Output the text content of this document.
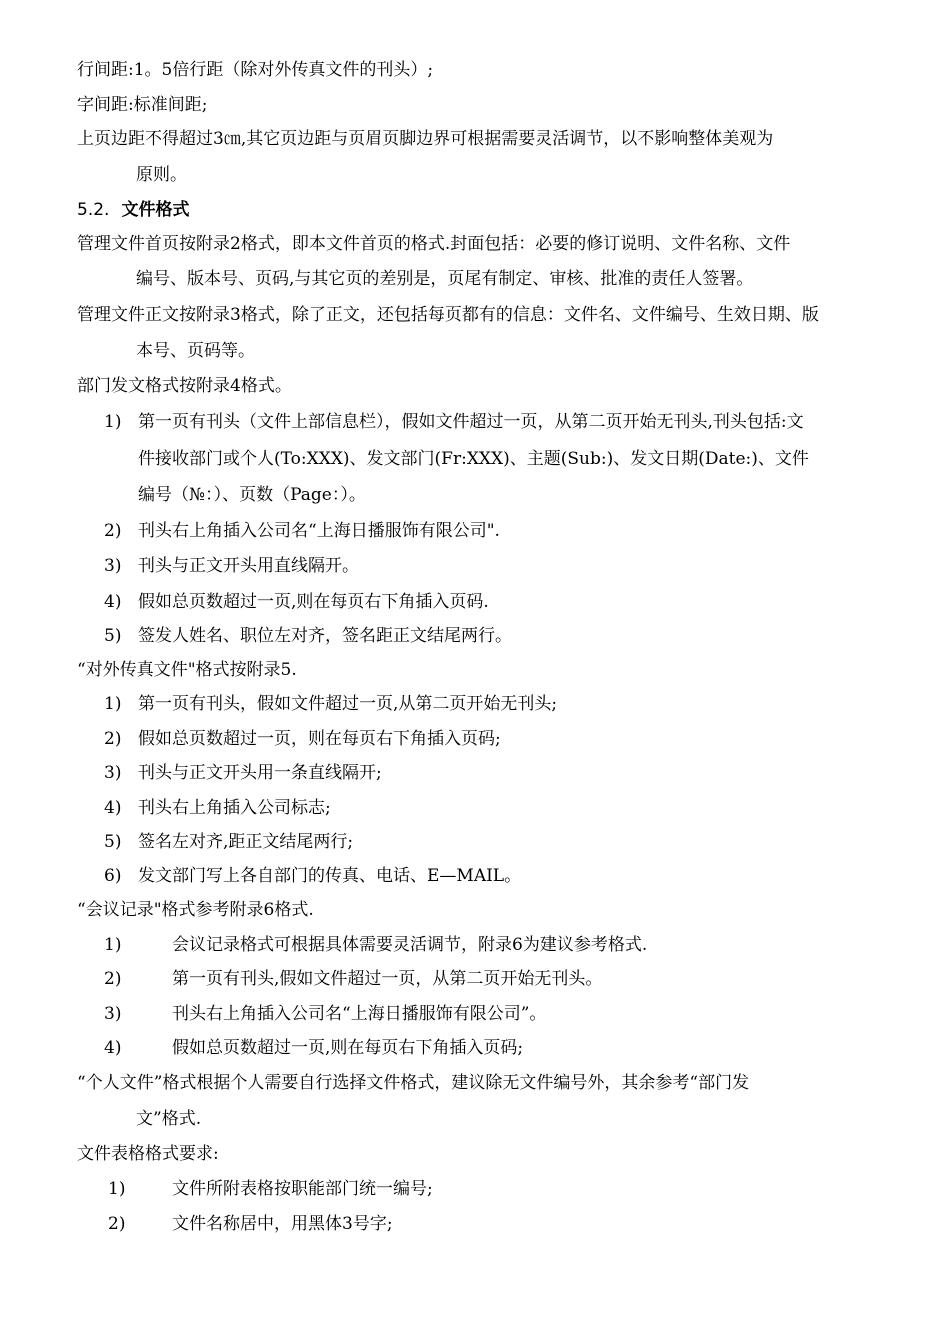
行间距:1。5倍行距（除对外传真文件的刊头）;
字间距:标准间距;
上页边距不得超过3㎝,其它页边距与页眉页脚边界可根据需要灵活调节，以不影响整体美观为
原则。
5.2. 文件格式
管理文件首页按附录2格式，即本文件首页的格式.封面包括：必要的修订说明、文件名称、文件
编号、版本号、页码,与其它页的差别是，页尾有制定、审核、批准的责任人签署。
管理文件正文按附录3格式，除了正文，还包括每页都有的信息：文件名、文件编号、生效日期、版
本号、页码等。
部门发文格式按附录4格式。
1) 第一页有刊头（文件上部信息栏），假如文件超过一页，从第二页开始无刊头,刊头包括:文
件接收部门或个人(To:XXX)、发文部门(Fr:XXX)、主题(Sub:)、发文日期(Date:)、文件
编号（№：）、页数（Page：）。
2) 刊头右上角插入公司名“上海日播服饰有限公司".
3) 刊头与正文开头用直线隔开。
4) 假如总页数超过一页,则在每页右下角插入页码.
5) 签发人姓名、职位左对齐，签名距正文结尾两行。
“对外传真文件"格式按附录5.
1) 第一页有刊头，假如文件超过一页,从第二页开始无刊头;
2) 假如总页数超过一页，则在每页右下角插入页码;
3) 刊头与正文开头用一条直线隔开;
4) 刊头右上角插入公司标志;
5) 签名左对齐,距正文结尾两行;
6) 发文部门写上各自部门的传真、电话、E—MAIL。
“会议记录"格式参考附录6格式.
1)	会议记录格式可根据具体需要灵活调节，附录6为建议参考格式.
2)	第一页有刊头,假如文件超过一页，从第二页开始无刊头。
3)	刊头右上角插入公司名“上海日播服饰有限公司”。
4)	假如总页数超过一页,则在每页右下角插入页码;
“个人文件”格式根据个人需要自行选择文件格式，建议除无文件编号外，其余参考“部门发
文”格式.
文件表格格式要求:
1)	文件所附表格按职能部门统一编号;
2)	文件名称居中，用黑体3号字;
